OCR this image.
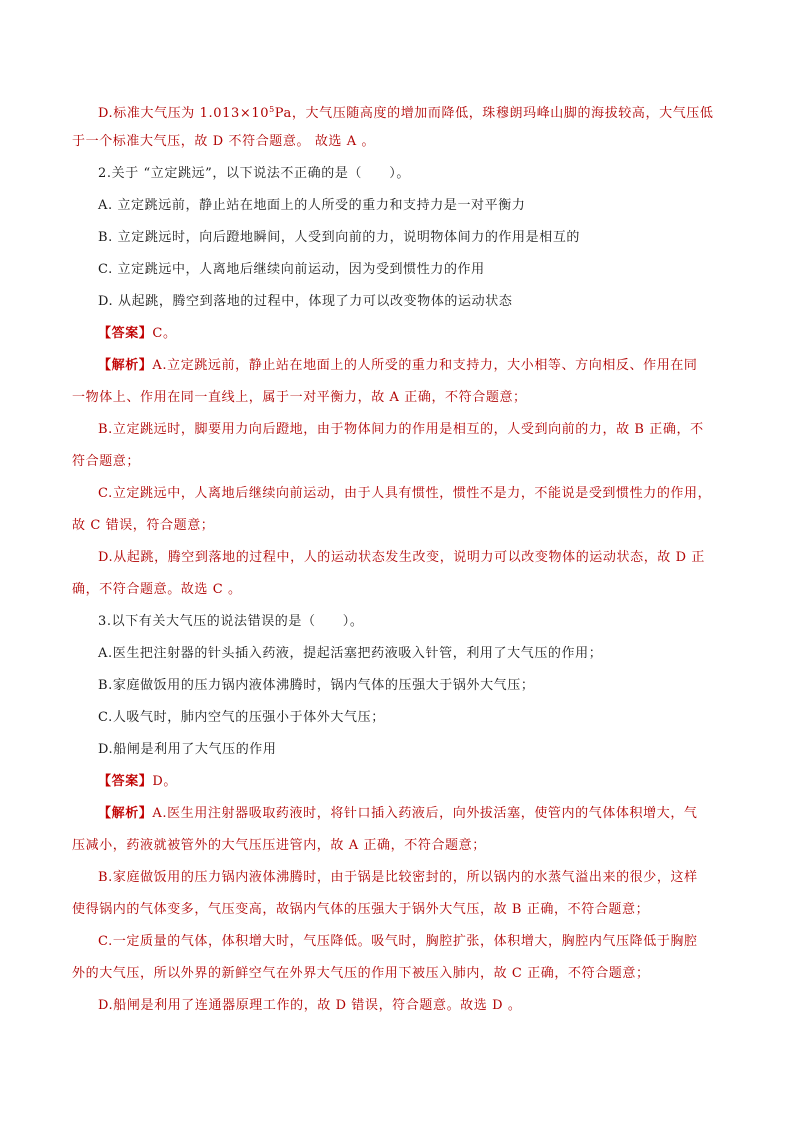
D.标准大气压为 $1.013\times 10^5Pa$，大气压随高度的增加而降低，珠穆朗玛峰山脚的海拔较高，大气压低
于一个标准大气压，故 D 不符合题意。 故选 A 。
2.关于 “立定跳远”，以下说法不正确的是（　　）。
A. 立定跳远前，静止站在地面上的人所受的重力和支持力是一对平衡力
B. 立定跳远时，向后蹬地瞬间，人受到向前的力，说明物体间力的作用是相互的
C. 立定跳远中，人离地后继续向前运动，因为受到惯性力的作用
D. 从起跳，腾空到落地的过程中，体现了力可以改变物体的运动状态
【答案】C。
【解析】A.立定跳远前，静止站在地面上的人所受的重力和支持力，大小相等、方向相反、作用在同
一物体上、作用在同一直线上，属于一对平衡力，故 A 正确，不符合题意；
B.立定跳远时，脚要用力向后蹬地，由于物体间力的作用是相互的，人受到向前的力，故 B 正确，不
符合题意；
C.立定跳远中，人离地后继续向前运动，由于人具有惯性，惯性不是力，不能说是受到惯性力的作用，
故 C 错误，符合题意；
D.从起跳，腾空到落地的过程中，人的运动状态发生改变，说明力可以改变物体的运动状态，故 D 正
确，不符合题意。故选 C 。
3.以下有关大气压的说法错误的是（　　）。
A.医生把注射器的针头插入药液，提起活塞把药液吸入针管，利用了大气压的作用；
B.家庭做饭用的压力锅内液体沸腾时，锅内气体的压强大于锅外大气压；
C.人吸气时，肺内空气的压强小于体外大气压；
D.船闸是利用了大气压的作用
【答案】D。
【解析】A.医生用注射器吸取药液时，将针口插入药液后，向外拔活塞，使管内的气体体积增大，气
压减小，药液就被管外的大气压压进管内，故 A 正确，不符合题意；
B.家庭做饭用的压力锅内液体沸腾时，由于锅是比较密封的，所以锅内的水蒸气溢出来的很少，这样
使得锅内的气体变多，气压变高，故锅内气体的压强大于锅外大气压，故 B 正确，不符合题意；
C.一定质量的气体，体积增大时，气压降低。吸气时，胸腔扩张，体积增大，胸腔内气压降低于胸腔
外的大气压，所以外界的新鲜空气在外界大气压的作用下被压入肺内，故 C 正确，不符合题意；
D.船闸是利用了连通器原理工作的，故 D 错误，符合题意。故选 D 。
